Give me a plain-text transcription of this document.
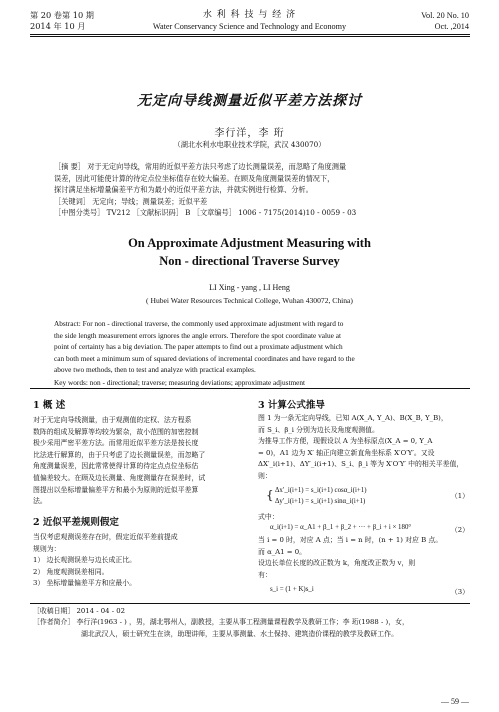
第 20 卷第 10 期
2014 年 10 月
水 利 科 技 与 经 济
Water Conservancy Science and Technology and Economy
Vol. 20 No. 10
Oct. ,2014
无定向导线测量近似平差方法探讨
李行洋，李 珩
（湖北水利水电职业技术学院，武汉 430070）
［摘 要］ 对于无定向导线，常用的近似平差方法只考虑了边长测量误差，而忽略了角度测量
误差，因此可能使计算的待定点位坐标值存在较大偏差。在顾及角度测量误差的情况下，
探讨满足坐标增量偏差平方和为最小的近似平差方法，并就实例进行检算、分析。
［关键词］ 无定向；导线；测量误差；近似平差
［中图分类号］ TV212 ［文献标识码］ B ［文章编号］ 1006 - 7175(2014)10 - 0059 - 03
On Approximate Adjustment Measuring with
Non - directional Traverse Survey
LI Xing - yang , LI Heng
( Hubei Water Resources Technical College, Wuhan 430072, China)
Abstract: For non - directional traverse, the commonly used approximate adjustment with regard to
the side length measurement errors ignores the angle errors. Therefore the spot coordinate value at
point of certainty has a big deviation. The paper attempts to find out a proximate adjustment which
can both meet a minimum sum of squared deviations of incremental coordinates and have regard to the
above two methods, then to test and analyze with practical examples.
Key words: non - directional; traverse; measuring deviations; approximate adjustment
1 概 述
对于无定向导线测量，由于观测值的定权、法方程系
数阵的组成及解算等均较为繁杂，故小范围的加密控制
极少采用严密平差方法。而常用近似平差方法是按长度
比法进行解算的，由于只考虑了边长测量误差，而忽略了
角度测量误差，因此常常使得计算的待定点点位坐标估
值偏差较大。在顾及边长测量、角度测量存在误差时，试
图提出以坐标增量偏差平方和最小为原则的近似平差算
法。
2 近似平差规则假定
当仅考虑观测误差存在时，假定近似平差前提成
规则为：
1） 边长观测误差与边长成正比。
2） 角度观测误差相同。
3） 坐标增量偏差平方和应最小。
3 计算公式推导
图 1 为一条无定向导线，已知 A(X_A, Y_A)、B(X_B, Y_B)，
而 S_i、β_i 分别为边长及角度观测值。
为推导工作方便，现假设以 A 为坐标原点(X_A = 0, Y_A
= 0)，A1 边为 X′ 轴正向建立新直角坐标系 X′O′Y′。又设
ΔX′_i(i+1)、ΔY′_i(i+1)、S_i、β_i 等为 X′O′Y′ 中的相关平差值，
则：
{ Δx′_i(i+1) = s_i(i+1) cosα_i(i+1)
Δy′_i(i+1) = s_i(i+1) sinα_i(i+1)
（1）
式中：
α_i(i+1) = α_A1 + β_1 + β_2 + ··· + β_i + i × 180°	（2）
当 i = 0 时，对应 A 点；当 i = n 时，(n + 1) 对应 B 点。
而 α_A1 = 0。
设边长单位长度的改正数为 k，角度改正数为 v，则
有：
s_i = (1 + K)s_i	（3）
［收稿日期］ 2014 - 04 - 02
［作者简介］ 李行洋(1963 - ) ，男，湖北鄂州人，副教授，主要从事工程测量课程教学及教研工作；李 珩(1988 - )，女，
湖北武汉人，硕士研究生在读，助理讲师，主要从事测量、水土保持、建筑造价课程的教学及教研工作。
— 59 —
